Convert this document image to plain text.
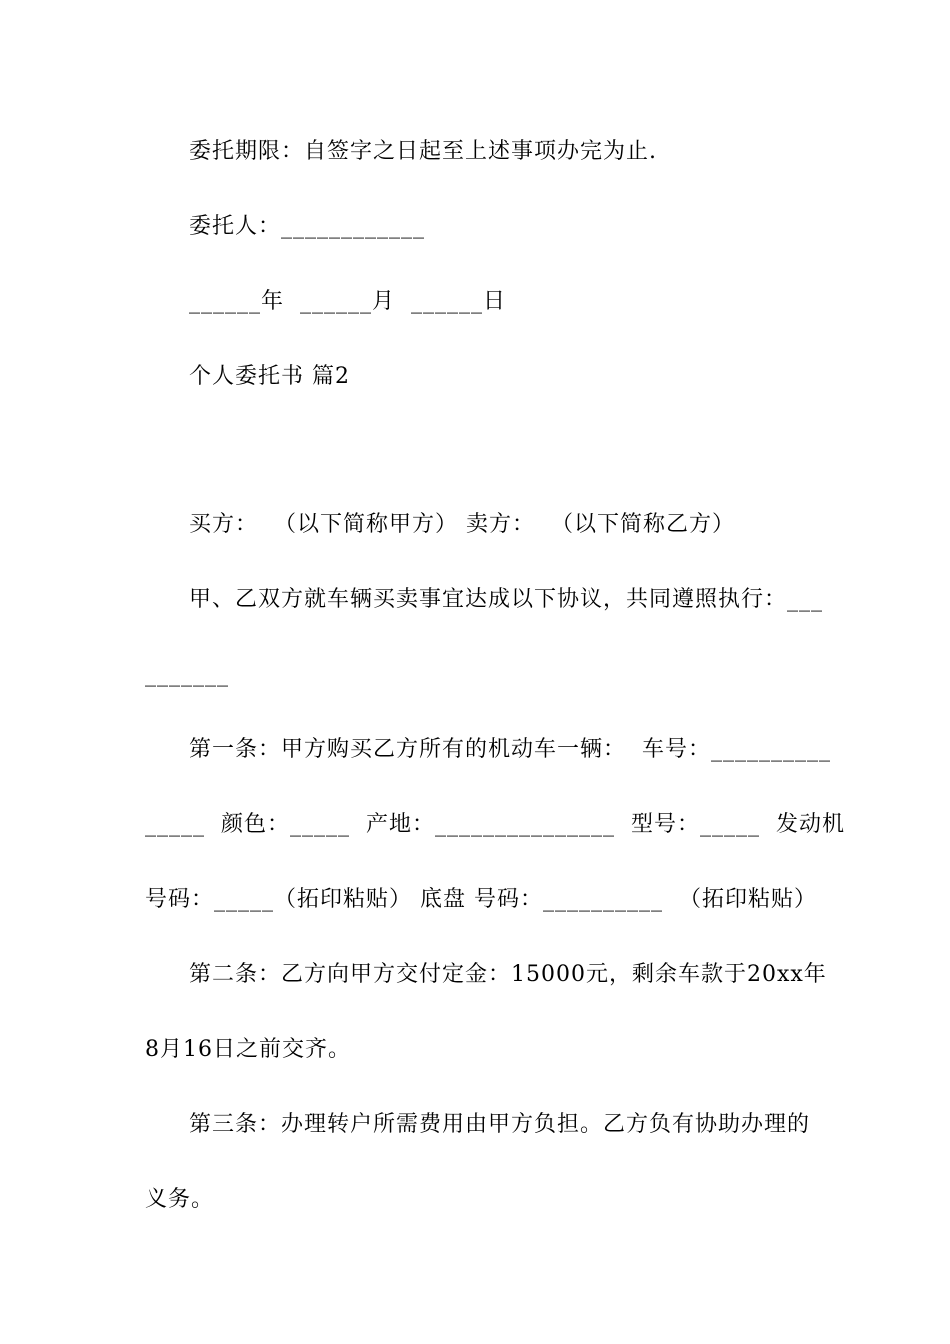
委托期限：自签字之日起至上述事项办完为止.
委托人：____________
______年  ______月  ______日
个人委托书 篇2
买方：  （以下简称甲方） 卖方：  （以下简称乙方）
甲、乙双方就车辆买卖事宜达成以下协议，共同遵照执行：___
_______
第一条：甲方购买乙方所有的机动车一辆：  车号：__________
_____  颜色：_____  产地：_______________  型号：_____  发动机
号码：_____（拓印粘贴） 底盘 号码：__________  （拓印粘贴）
第二条：乙方向甲方交付定金：15000元，剩余车款于20xx年
8月16日之前交齐。
第三条：办理转户所需费用由甲方负担。乙方负有协助办理的
义务。
